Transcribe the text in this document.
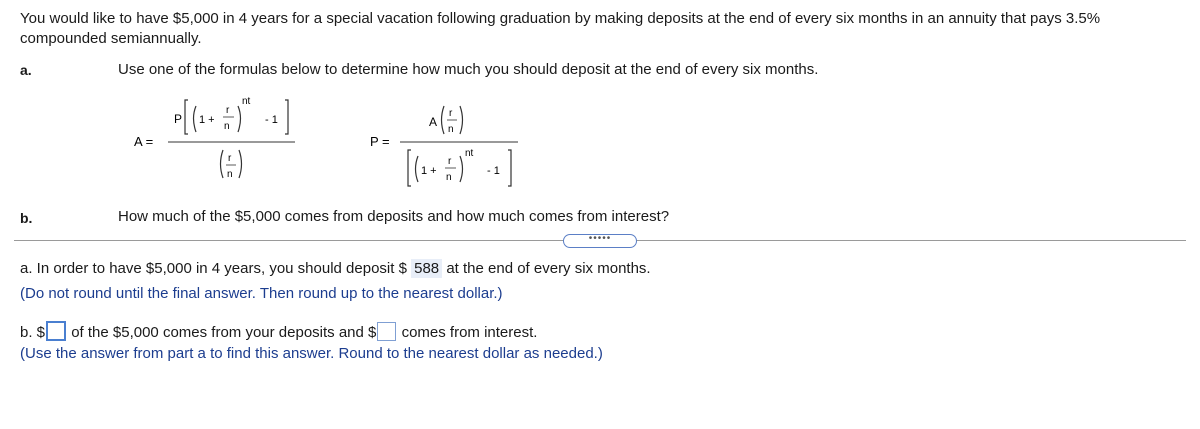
You would like to have $5,000 in 4 years for a special vacation following graduation by making deposits at the end of every six months in an annuity that pays 3.5% compounded semiannually.
a.	Use one of the formulas below to determine how much you should deposit at the end of every six months.
A =
P 1 +
r
n
nt
- 1
r
n
P =
A
r
n
1 +
r
n
nt
- 1
b.	How much of the $5,000 comes from deposits and how much comes from interest?
•••••
a. In order to have $5,000 in 4 years, you should deposit $ 588 at the end of every six months.
(Do not round until the final answer. Then round up to the nearest dollar.)
b. $ of the $5,000 comes from your deposits and $ comes from interest.
(Use the answer from part a to find this answer. Round to the nearest dollar as needed.)
